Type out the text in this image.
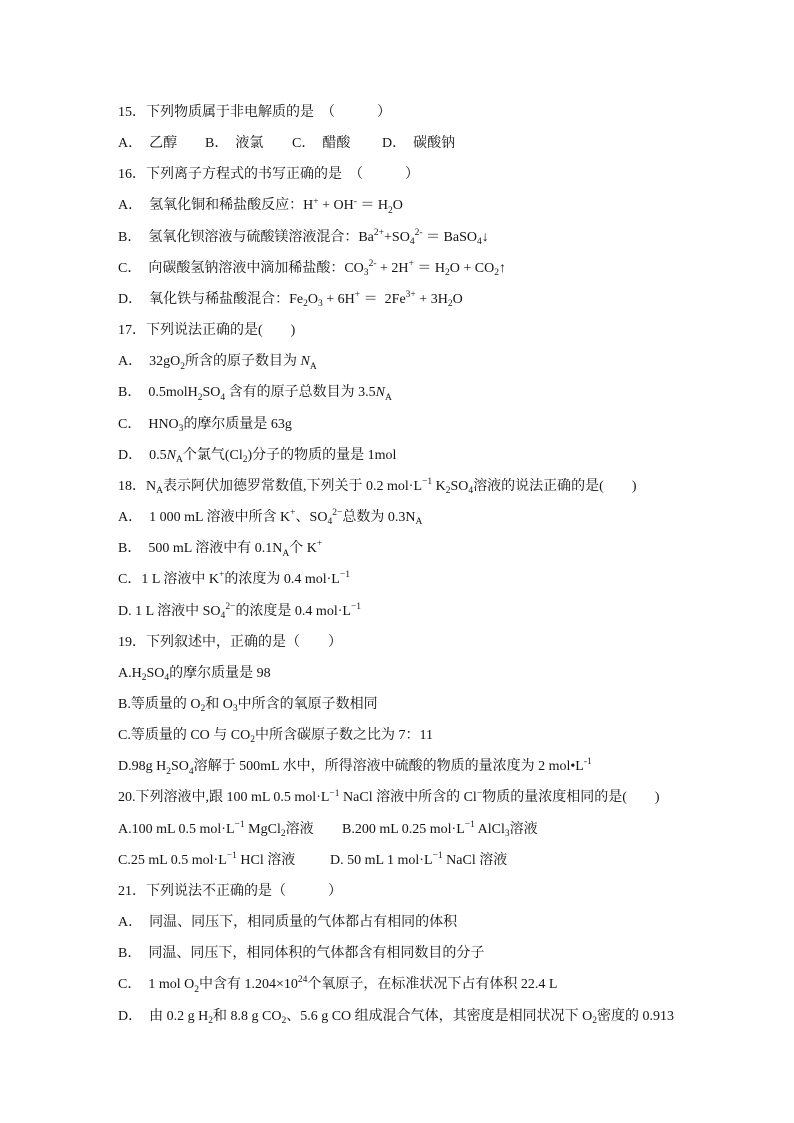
15．下列物质属于非电解质的是　（　　　）
A．  乙醇	B．  液氯	C．  醋酸	D．  碳酸钠
16．下列离子方程式的书写正确的是　（　　　）
A．  氢氧化铜和稀盐酸反应：$H^+ + OH^- = H_2O$
B．  氢氧化钡溶液与硫酸镁溶液混合：$Ba^{2+}+SO_4^{2-}$ ＝ BaSO$_4$↓
C．  向碳酸氢钠溶液中滴加稀盐酸：$CO_3^{2-} + 2H^+ = H_2O$ + $CO_2↑$
D．  氧化铁与稀盐酸混合：$Fe_2O_3 + 6H^+ = 2Fe^{3+} + 3H_2O$
17．下列说法正确的是(　　)
A．  $32gO_2$所含的原子数目为 $N_A$
B．  $0.5molH_2SO_4$ 含有的原子总数目为 $3.5N_A$
C．  $HNO_3$的摩尔质量是 63g
D．  $0.5N_A$个氯气$(Cl_2)$分子的物质的量是 1mol
18．$N_A$表示阿伏加德罗常数值,下列关于 0.2 $mol\cdot L^{-1}$ $K_2SO_4$溶液的说法正确的是(　　)
A．  1 000 mL 溶液中所含 K+、$SO_4^{2-}$总数为 $0.3N_A$
B．  500 mL 溶液中有 $0.1N_A$个 K+
C．1 L 溶液中 K+的浓度为 0.4 $mol\cdot L^{-1}$
D. 1 L 溶液中 $SO_4^{2-}$的浓度是 0.4 $mol\cdot L^{-1}$
19．下列叙述中，正确的是（　　）
$A.H_2SO_4$的摩尔质量是 98
B.等质量的 $O_2$和 $O_3$中所含的氧原子数相同
C.等质量的 CO 与 $CO_2$中所含碳原子数之比为 7：11
D.98g $H_2SO_4$溶解于 500mL 水中，所得溶液中硫酸的物质的量浓度为 2 $mol•L^{-1}$
20.下列溶液中,跟 100 mL 0.5 $mol\cdot L^{-1}$ NaCl 溶液中所含的 Cl−物质的量浓度相同的是(　　)
A.100 mL 0.5 $mol\cdot L^{-1}$ MgCl$_2$溶液	B.200 mL 0.25 $mol\cdot L^{-1}$ AlCl$_3$溶液
C.25 mL 0.5 $mol\cdot L^{-1}$ HCl 溶液	D. 50 mL 1 $mol\cdot L^{-1}$ NaCl 溶液
21．下列说法不正确的是（　　　）
A．  同温、同压下，相同质量的气体都占有相同的体积
B．  同温、同压下，相同体积的气体都含有相同数目的分子
C．  1 mol $O_2$中含有 $1.204\times 10^{24}$个氧原子，在标准状况下占有体积 22.4 L
D．  由 0.2 g $H_2$和 8.8 g $CO_2$、5.6 g CO 组成混合气体，其密度是相同状况下 $O_2$密度的 0.913
